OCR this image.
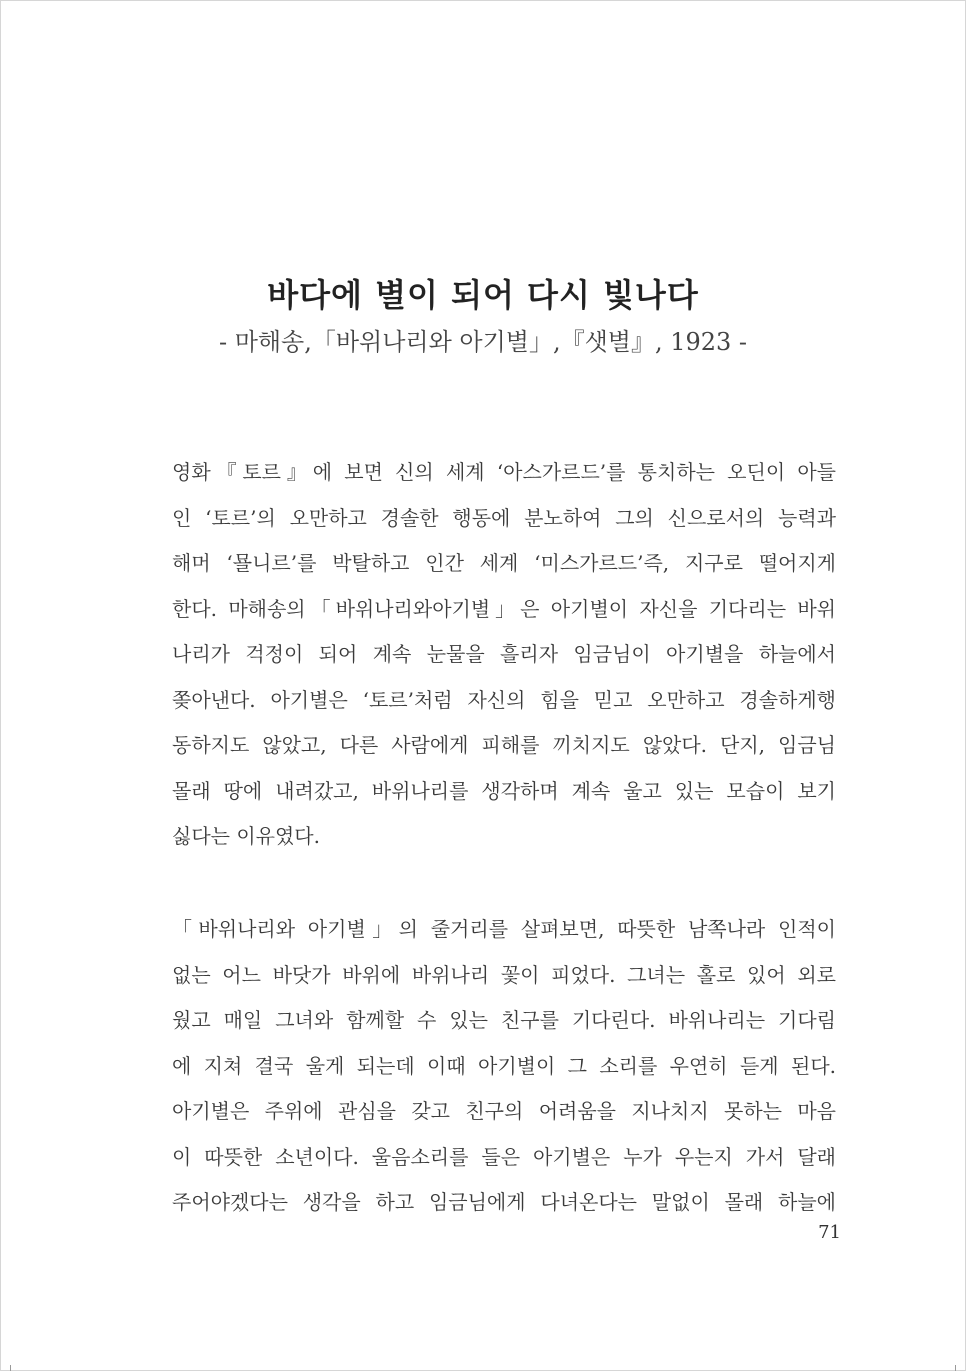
바다에 별이 되어 다시 빛나다

- 마해송,「바위나리와 아기별」,『샛별』, 1923 -

영화『토르』에 보면 신의 세계 ‘아스가르드’를 통치하는 오딘이 아들
인 ‘토르’의 오만하고 경솔한 행동에 분노하여 그의 신으로서의 능력과
해머 ‘묠니르’를 박탈하고 인간 세계 ‘미스가르드’즉, 지구로 떨어지게
한다. 마해송의「바위나리와아기별」은 아기별이 자신을 기다리는 바위
나리가 걱정이 되어 계속 눈물을 흘리자 임금님이 아기별을 하늘에서
쫒아낸다. 아기별은 ‘토르’처럼 자신의 힘을 믿고 오만하고 경솔하게행
동하지도 않았고, 다른 사람에게 피해를 끼치지도 않았다. 단지, 임금님
몰래 땅에 내려갔고, 바위나리를 생각하며 계속 울고 있는 모습이 보기
싫다는 이유였다.
「바위나리와 아기별」의 줄거리를 살펴보면, 따뜻한 남쪽나라 인적이
없는 어느 바닷가 바위에 바위나리 꽃이 피었다. 그녀는 홀로 있어 외로
웠고 매일 그녀와 함께할 수 있는 친구를 기다린다. 바위나리는 기다림
에 지쳐 결국 울게 되는데 이때 아기별이 그 소리를 우연히 듣게 된다.
아기별은 주위에 관심을 갖고 친구의 어려움을 지나치지 못하는 마음
이 따뜻한 소년이다. 울음소리를 들은 아기별은 누가 우는지 가서 달래
주어야겠다는 생각을 하고 임금님에게 다녀온다는 말없이 몰래 하늘에
71
